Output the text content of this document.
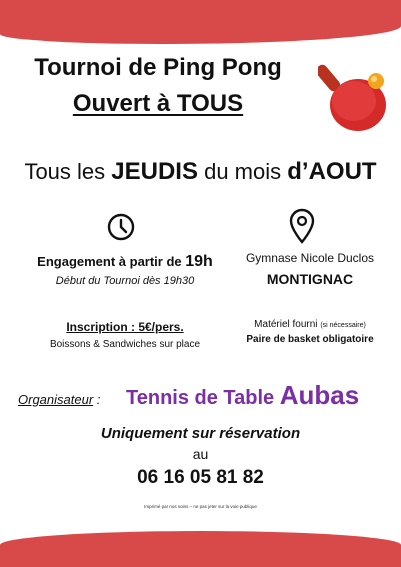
Tournoi de Ping Pong
Ouvert à TOUS
Tous les JEUDIS du mois d’AOUT
Engagement à partir de 19h
Début du Tournoi dès 19h30
Gymnase Nicole Duclos
MONTIGNAC
Inscription : 5€/pers.
Boissons & Sandwiches sur place
Matériel fourni (si nécessaire)
Paire de basket obligatoire
Organisateur : Tennis de Table Aubas
Uniquement sur réservation
au
06 16 05 81 82
Imprimé par nos soins – ne pas jeter sur la voie publique
